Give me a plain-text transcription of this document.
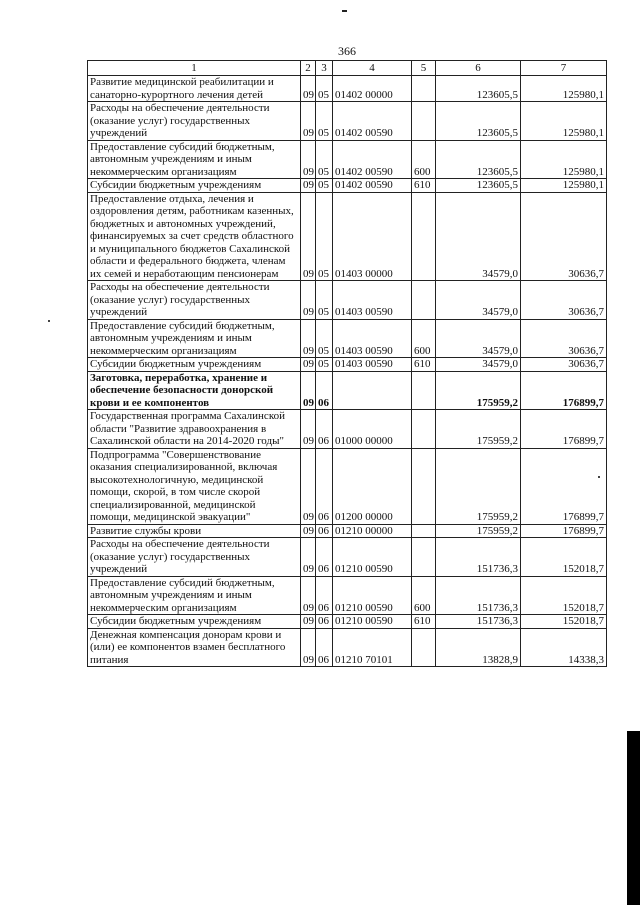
366
1	2	3	4	5	6	7
Развитие медицинской реабилитации и санаторно-курортного лечения детей	09	05	01402 00000		123605,5	125980,1
Расходы на обеспечение деятельности (оказание услуг) государственных учреждений	09	05	01402 00590		123605,5	125980,1
Предоставление субсидий бюджетным, автономным учреждениям и иным некоммерческим организациям	09	05	01402 00590	600	123605,5	125980,1
Субсидии бюджетным учреждениям	09	05	01402 00590	610	123605,5	125980,1
Предоставление отдыха, лечения и оздоровления детям, работникам казенных, бюджетных и автономных учреждений, финансируемых за счет средств областного и муниципального бюджетов Сахалинской области и федерального бюджета, членам их семей и неработающим пенсионерам	09	05	01403 00000		34579,0	30636,7
Расходы на обеспечение деятельности (оказание услуг) государственных учреждений	09	05	01403 00590		34579,0	30636,7
Предоставление субсидий бюджетным, автономным учреждениям и иным некоммерческим организациям	09	05	01403 00590	600	34579,0	30636,7
Субсидии бюджетным учреждениям	09	05	01403 00590	610	34579,0	30636,7
Заготовка, переработка, хранение и обеспечение безопасности донорской крови и ее компонентов	09	06			175959,2	176899,7
Государственная программа Сахалинской области "Развитие здравоохранения в Сахалинской области на 2014-2020 годы"	09	06	01000 00000		175959,2	176899,7
Подпрограмма "Совершенствование оказания специализированной, включая высокотехнологичную, медицинской помощи, скорой, в том числе скорой специализированной, медицинской помощи, медицинской эвакуации"	09	06	01200 00000		175959,2	176899,7
Развитие службы крови	09	06	01210 00000		175959,2	176899,7
Расходы на обеспечение деятельности (оказание услуг) государственных учреждений	09	06	01210 00590		151736,3	152018,7
Предоставление субсидий бюджетным, автономным учреждениям и иным некоммерческим организациям	09	06	01210 00590	600	151736,3	152018,7
Субсидии бюджетным учреждениям	09	06	01210 00590	610	151736,3	152018,7
Денежная компенсация донорам крови и (или) ее компонентов взамен бесплатного питания	09	06	01210 70101		13828,9	14338,3
